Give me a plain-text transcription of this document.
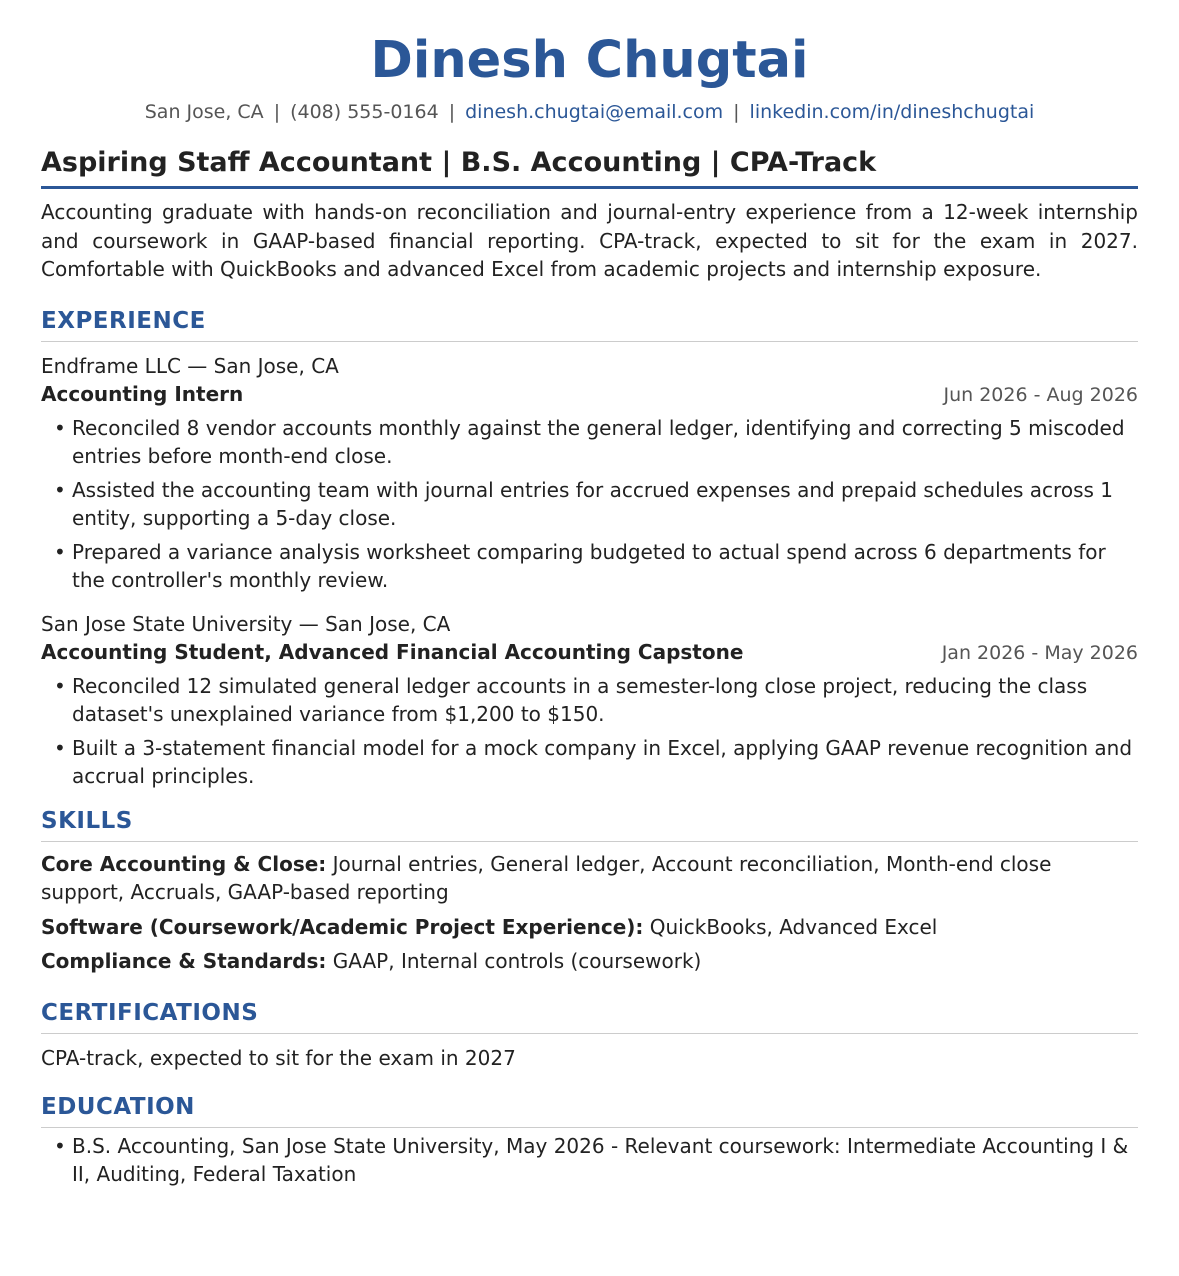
Dinesh Chugtai
San Jose, CA | (408) 555-0164 | dinesh.chugtai@email.com | linkedin.com/in/dineshchugtai
Aspiring Staff Accountant | B.S. Accounting | CPA-Track
Accounting graduate with hands-on reconciliation and journal-entry experience from a 12-week internship and coursework in GAAP-based financial reporting. CPA-track, expected to sit for the exam in 2027. Comfortable with QuickBooks and advanced Excel from academic projects and internship exposure.
EXPERIENCE
Endframe LLC — San Jose, CA
Accounting Intern	Jun 2026 - Aug 2026
• Reconciled 8 vendor accounts monthly against the general ledger, identifying and correcting 5 miscoded entries before month-end close.
• Assisted the accounting team with journal entries for accrued expenses and prepaid schedules across 1 entity, supporting a 5-day close.
• Prepared a variance analysis worksheet comparing budgeted to actual spend across 6 departments for the controller's monthly review.
San Jose State University — San Jose, CA
Accounting Student, Advanced Financial Accounting Capstone	Jan 2026 - May 2026
• Reconciled 12 simulated general ledger accounts in a semester-long close project, reducing the class dataset's unexplained variance from $1,200 to $150.
• Built a 3-statement financial model for a mock company in Excel, applying GAAP revenue recognition and accrual principles.
SKILLS
Core Accounting & Close: Journal entries, General ledger, Account reconciliation, Month-end close support, Accruals, GAAP-based reporting
Software (Coursework/Academic Project Experience): QuickBooks, Advanced Excel
Compliance & Standards: GAAP, Internal controls (coursework)
CERTIFICATIONS
CPA-track, expected to sit for the exam in 2027
EDUCATION
• B.S. Accounting, San Jose State University, May 2026 - Relevant coursework: Intermediate Accounting I & II, Auditing, Federal Taxation
